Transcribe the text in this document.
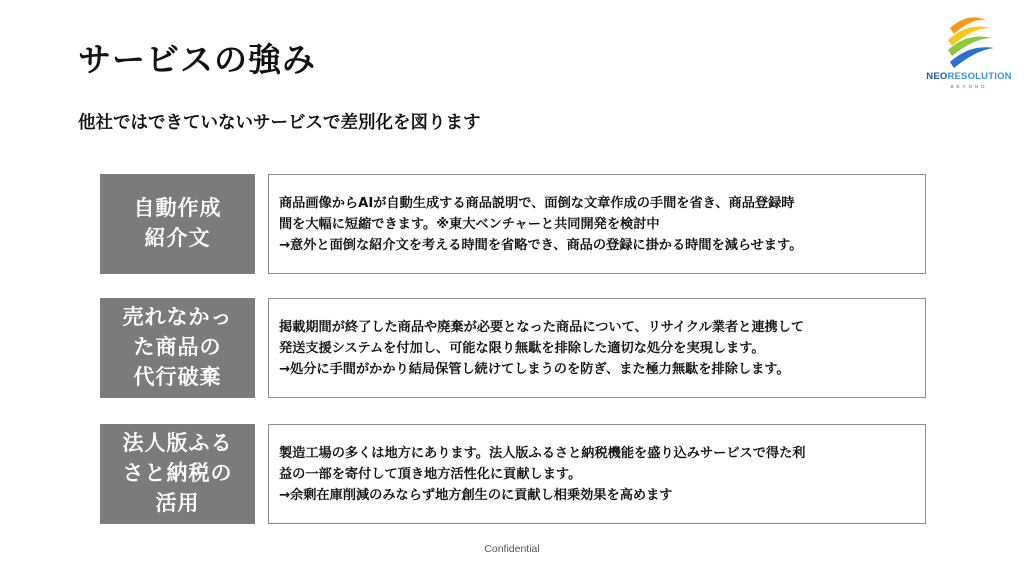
サービスの強み	NEORESOLUTION
BEYOND
他社ではできていないサービスで差別化を図ります
自動作成
紹介文
商品画像からAIが自動生成する商品説明で、面倒な文章作成の手間を省き、商品登録時
間を大幅に短縮できます。※東大ベンチャーと共同開発を検討中
→意外と面倒な紹介文を考える時間を省略でき、商品の登録に掛かる時間を減らせます。
売れなかっ
た商品の
代行破棄
掲載期間が終了した商品や廃棄が必要となった商品について、リサイクル業者と連携して
発送支援システムを付加し、可能な限り無駄を排除した適切な処分を実現します。
→処分に手間がかかり結局保管し続けてしまうのを防ぎ、また極力無駄を排除します。
法人版ふる
さと納税の
活用
製造工場の多くは地方にあります。法人版ふるさと納税機能を盛り込みサービスで得た利
益の一部を寄付して頂き地方活性化に貢献します。
→余剰在庫削減のみならず地方創生のに貢献し相乗効果を高めます
Confidential
